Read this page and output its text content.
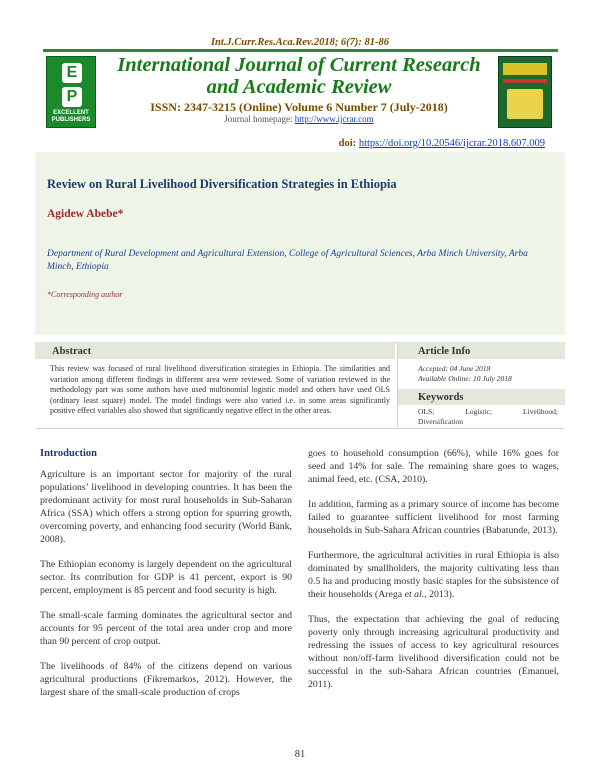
Int.J.Curr.Res.Aca.Rev.2018; 6(7): 81-86
E
P
EXCELLENT PUBLISHERS
International Journal of Current Research
and Academic Review
ISSN: 2347-3215 (Online) Volume 6 Number 7 (July-2018)
Journal homepage: http://www.ijcrar.com
doi: https://doi.org/10.20546/ijcrar.2018.607.009
Review on Rural Livelihood Diversification Strategies in Ethiopia
Agidew Abebe*
Department of Rural Development and Agricultural Extension, College of Agricultural Sciences, Arba Minch University, Arba Minch, Ethiopia
*Corresponding author
Abstract
This review was focused of rural livelihood diversification strategies in Ethiopia. The similarities and variation among different findings in different area were reviewed. Some of variation reviewed in the methodology part was some authors have used multinomial logistic model and others have used OLS (ordinary least square) model. The model findings were also varied i.e. in some areas significantly positive effect variables also showed that significantly negative effect in the other areas.
Article Info
Accepted: 04 June 2018
Available Online: 10 July 2018
Keywords
OLS;	Logistic;	Livelihood;
Diversification
Introduction

Agriculture is an important sector for majority of the rural populations’ livelihood in developing countries. It has been the predominant activity for most rural households in Sub-Saharan Africa (SSA) which offers a strong option for spurring growth, overcoming poverty, and enhancing food security (World Bank, 2008).

The Ethiopian economy is largely dependent on the agricultural sector. Its contribution for GDP is 41 percent, export is 90 percent, employment is 85 percent and food security is high.

The small-scale farming dominates the agricultural sector and accounts for 95 percent of the total area under crop and more than 90 percent of crop output.

The livelihoods of 84% of the citizens depend on various agricultural productions (Fikremarkos, 2012). However, the largest share of the small-scale production of crops

goes to household consumption (66%), while 16% goes for seed and 14% for sale. The remaining share goes to wages, animal feed, etc. (CSA, 2010).

In addition, farming as a primary source of income has become failed to guarantee sufficient livelihood for most farming households in Sub-Sahara African countries (Babatunde, 2013).

Furthermore, the agricultural activities in rural Ethiopia is also dominated by smallholders, the majority cultivating less than 0.5 ha and producing mostly basic staples for the subsistence of their households (Arega et al., 2013).

Thus, the expectation that achieving the goal of reducing poverty only through increasing agricultural productivity and redressing the issues of access to key agricultural resources without non/off-farm livelihood diversification could not be successful in the sub-Sahara African countries (Emanuel, 2011).

81
